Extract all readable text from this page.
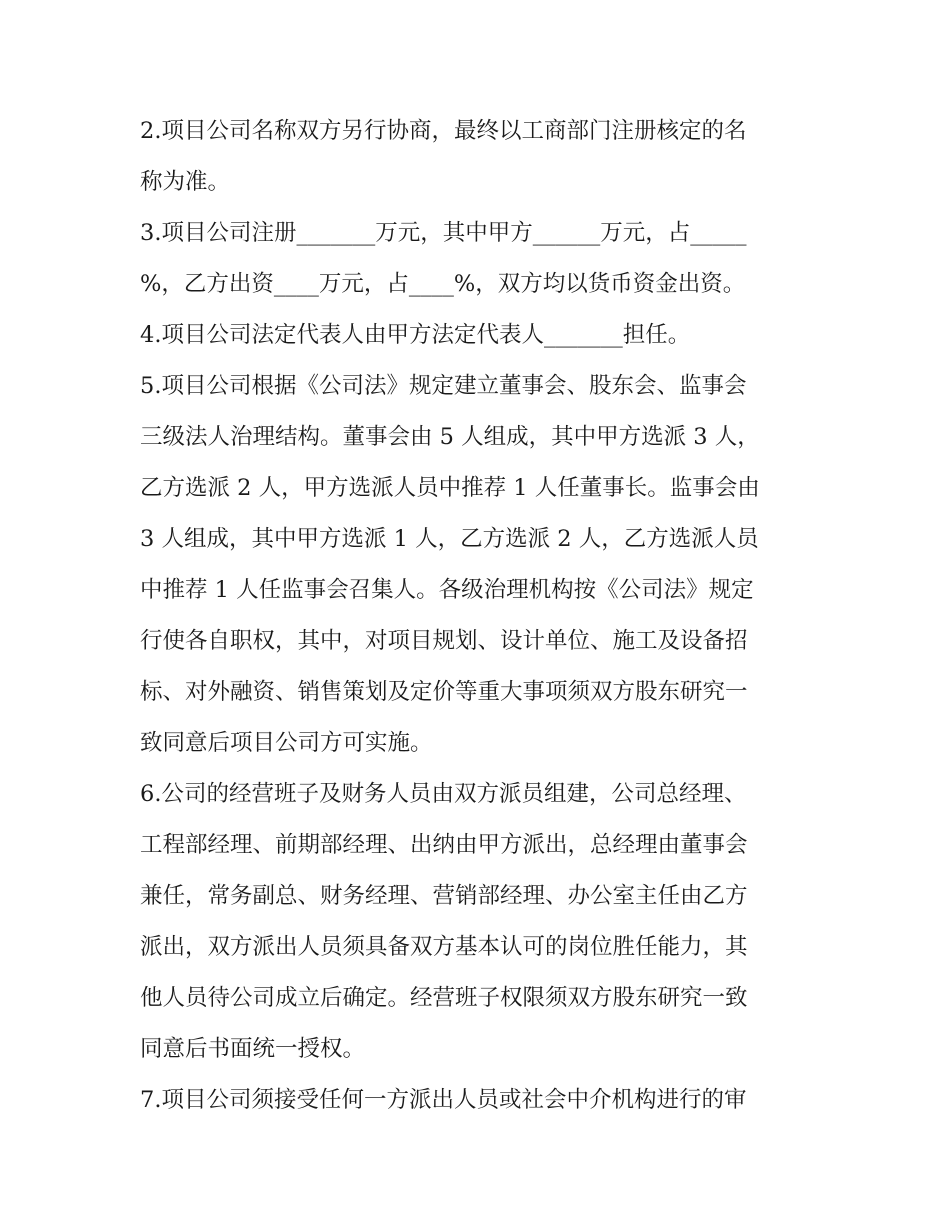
2.项目公司名称双方另行协商，最终以工商部门注册核定的名
称为准。
3.项目公司注册_______万元，其中甲方______万元，占_____
%，乙方出资____万元，占____%，双方均以货币资金出资。
4.项目公司法定代表人由甲方法定代表人_______担任。
5.项目公司根据《公司法》规定建立董事会、股东会、监事会
三级法人治理结构。董事会由 5 人组成，其中甲方选派 3 人，
乙方选派 2 人，甲方选派人员中推荐 1 人任董事长。监事会由
3 人组成，其中甲方选派 1 人，乙方选派 2 人，乙方选派人员
中推荐 1 人任监事会召集人。各级治理机构按《公司法》规定
行使各自职权，其中，对项目规划、设计单位、施工及设备招
标、对外融资、销售策划及定价等重大事项须双方股东研究一
致同意后项目公司方可实施。
6.公司的经营班子及财务人员由双方派员组建，公司总经理、
工程部经理、前期部经理、出纳由甲方派出，总经理由董事会
兼任，常务副总、财务经理、营销部经理、办公室主任由乙方
派出，双方派出人员须具备双方基本认可的岗位胜任能力，其
他人员待公司成立后确定。经营班子权限须双方股东研究一致
同意后书面统一授权。
7.项目公司须接受任何一方派出人员或社会中介机构进行的审
